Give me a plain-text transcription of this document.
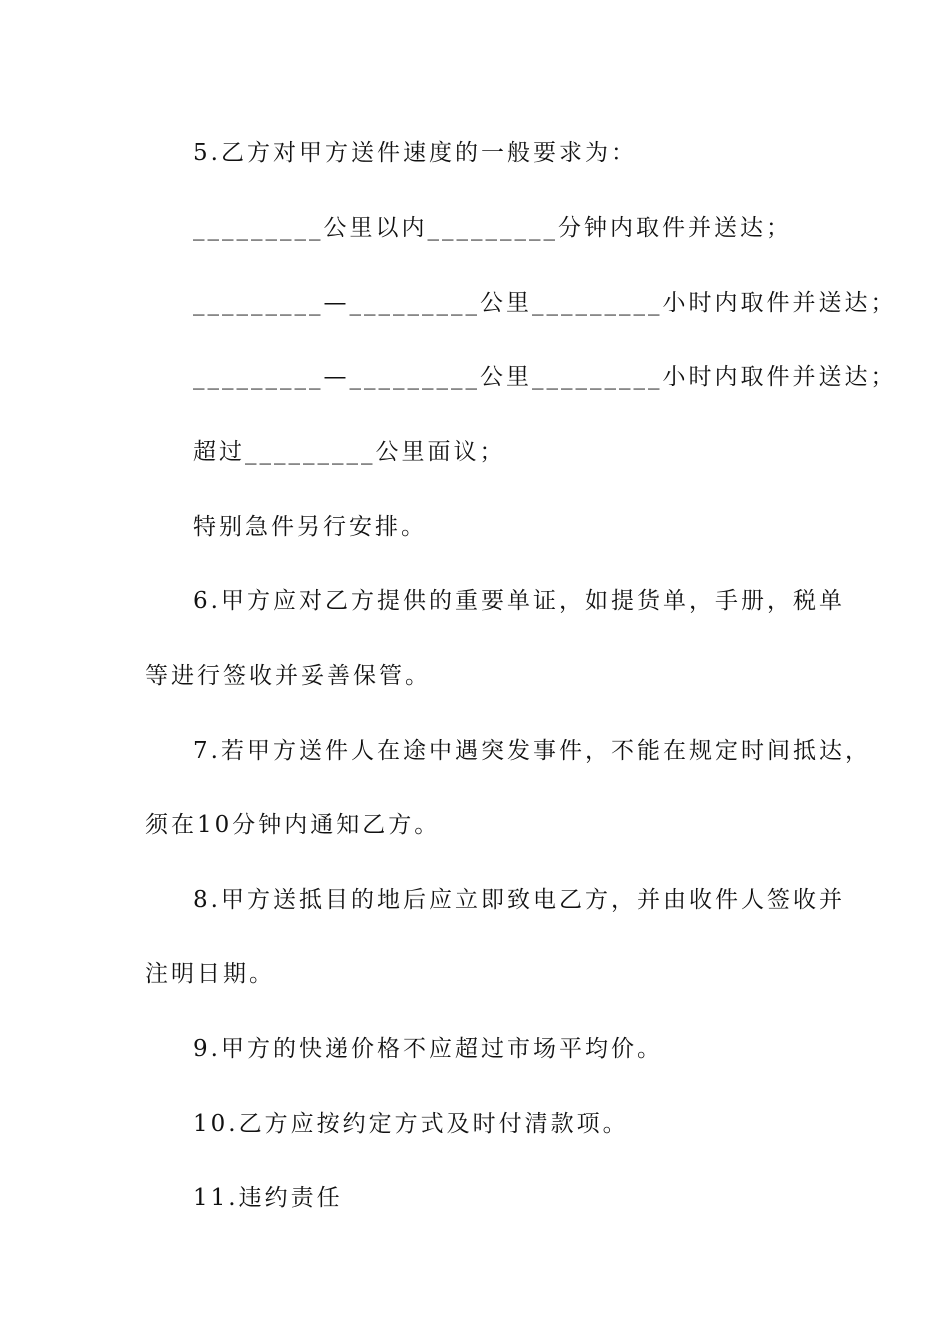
5.乙方对甲方送件速度的一般要求为：
_________公里以内_________分钟内取件并送达；
_________—_________公里_________小时内取件并送达；
_________—_________公里_________小时内取件并送达；
超过_________公里面议；
特别急件另行安排。
6.甲方应对乙方提供的重要单证，如提货单，手册，税单
等进行签收并妥善保管。
7.若甲方送件人在途中遇突发事件，不能在规定时间抵达，
须在10分钟内通知乙方。
8.甲方送抵目的地后应立即致电乙方，并由收件人签收并
注明日期。
9.甲方的快递价格不应超过市场平均价。
10.乙方应按约定方式及时付清款项。
11.违约责任
